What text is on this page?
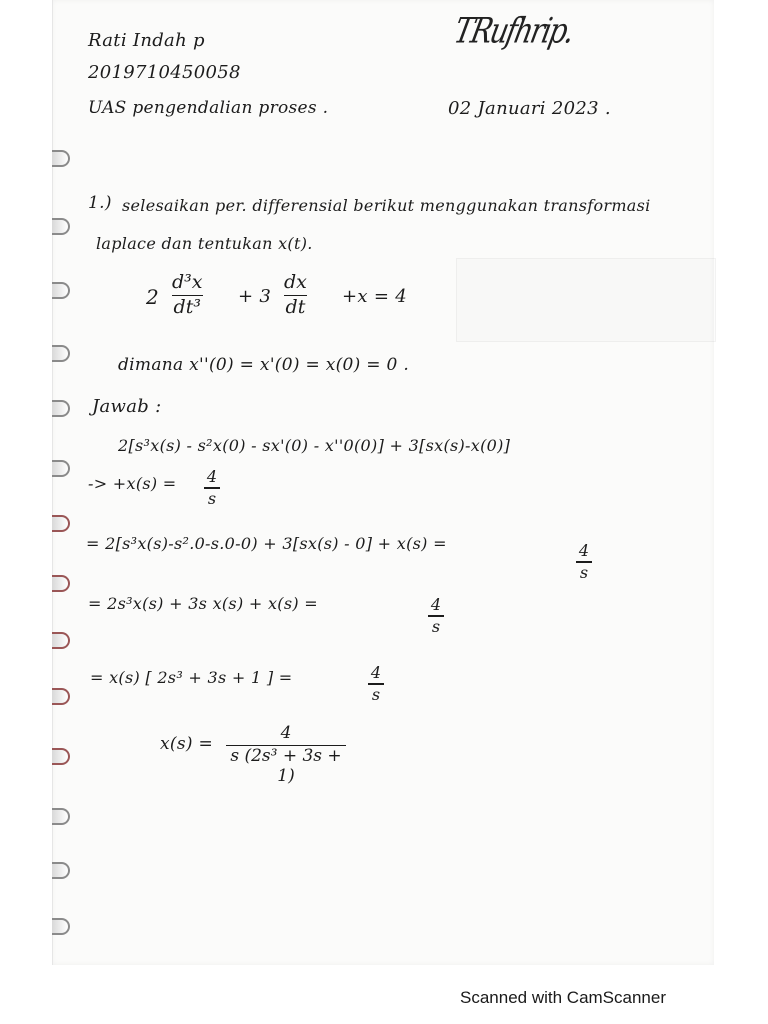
Rati Indah p
2019710450058
UAS pengendalian proses .
TRufhrip.
02 Januari 2023 .
1.) selesaikan per. differensial berikut menggunakan transformasi
laplace dan tentukan x(t).
2
d³x
dt³ + 3
dx
dt +x = 4
dimana x''(0) = x'(0) = x(0) = 0 .
Jawab :
2[s³x(s) - s²x(0) - sx'(0) - x''0(0)] + 3[sx(s)-x(0)]
-> +x(s) = 4
s
= 2[s³x(s)-s².0-s.0-0) + 3[sx(s) - 0] + x(s) =	4
s
= 2s³x(s) + 3s x(s) + x(s) =	4
s
= x(s) [ 2s³ + 3s + 1 ] =	4
s
x(s) =
4
s (2s³ + 3s + 1)
Scanned with CamScanner
